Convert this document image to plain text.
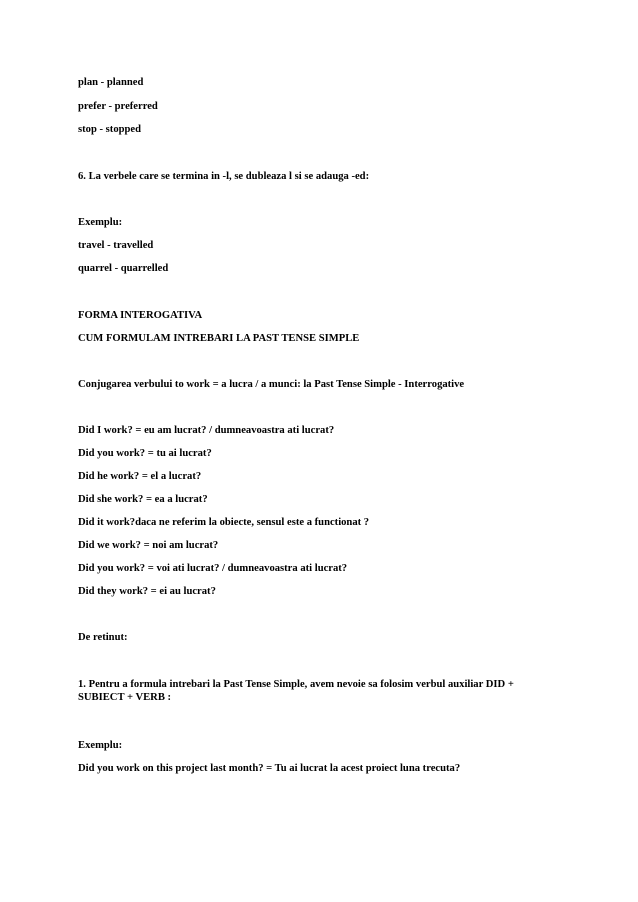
plan - planned

prefer - preferred

stop - stopped

6. La verbele care se termina in -l, se dubleaza l si se adauga -ed:

Exemplu:

travel - travelled

quarrel - quarrelled

FORMA INTEROGATIVA

CUM FORMULAM INTREBARI LA PAST TENSE SIMPLE

Conjugarea verbului to work = a lucra / a munci: la Past Tense Simple - Interrogative

Did I work? = eu am lucrat? / dumneavoastra ati lucrat?

Did you work? = tu ai lucrat?

Did he work? = el a lucrat?

Did she work? = ea a lucrat?

Did it work?daca ne referim la obiecte, sensul este a functionat ?

Did we work? = noi am lucrat?

Did you work? = voi ati lucrat? / dumneavoastra ati lucrat?

Did they work? = ei au lucrat?

De retinut:

1. Pentru a formula intrebari la Past Tense Simple, avem nevoie sa folosim verbul auxiliar DID + SUBIECT + VERB :

Exemplu:

Did you work on this project last month? = Tu ai lucrat la acest proiect luna trecuta?
